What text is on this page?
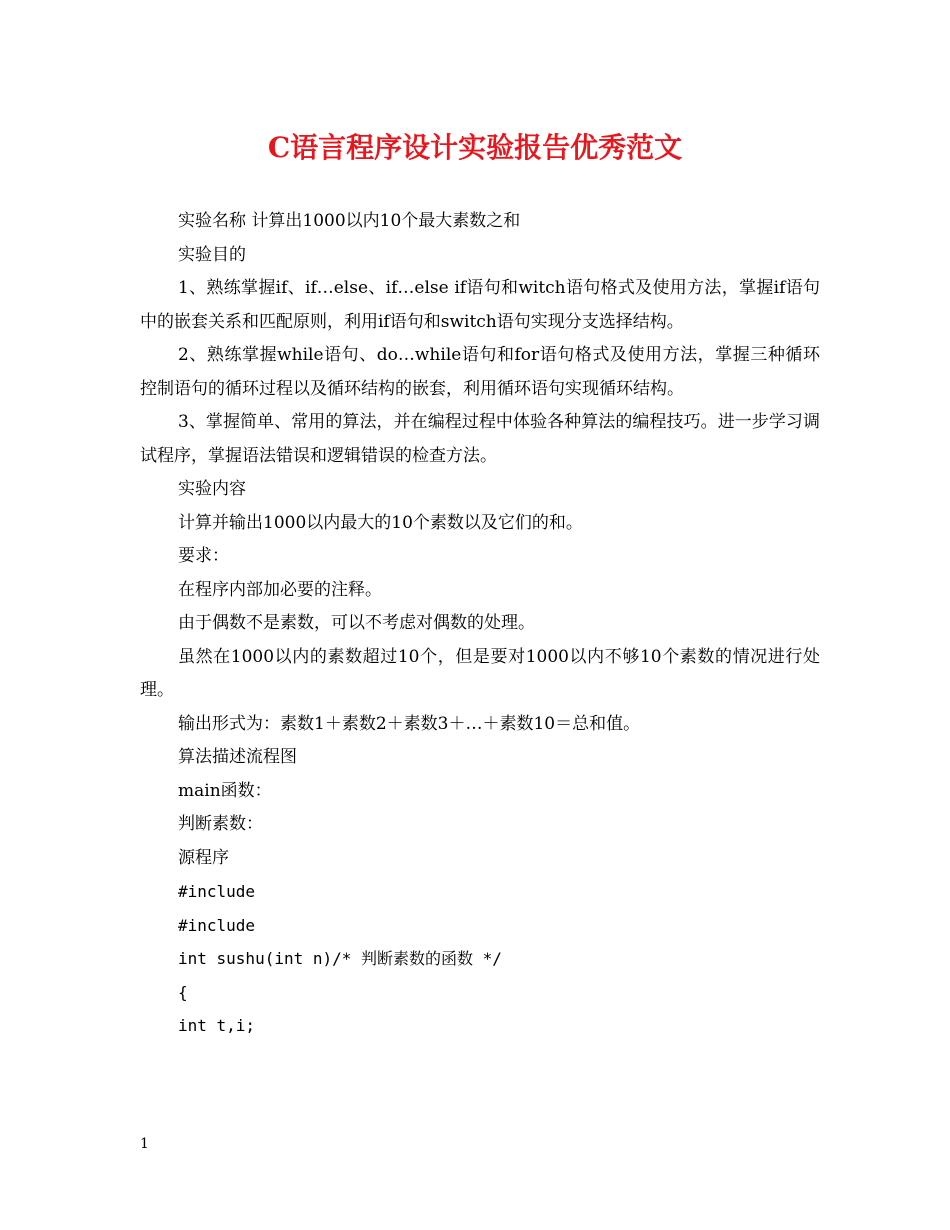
C语言程序设计实验报告优秀范文

实验名称 计算出1000以内10个最大素数之和

实验目的

1、熟练掌握if、if…else、if…else if语句和witch语句格式及使用方法，掌握if语句中的嵌套关系和匹配原则，利用if语句和switch语句实现分支选择结构。

2、熟练掌握while语句、do…while语句和for语句格式及使用方法，掌握三种循环控制语句的循环过程以及循环结构的嵌套，利用循环语句实现循环结构。

3、掌握简单、常用的算法，并在编程过程中体验各种算法的编程技巧。进一步学习调试程序，掌握语法错误和逻辑错误的检查方法。

实验内容

计算并输出1000以内最大的10个素数以及它们的和。

要求：

在程序内部加必要的注释。

由于偶数不是素数，可以不考虑对偶数的处理。

虽然在1000以内的素数超过10个，但是要对1000以内不够10个素数的情况进行处理。

输出形式为：素数1＋素数2＋素数3＋…＋素数10＝总和值。

算法描述流程图

main函数：

判断素数：

源程序

#include

#include

int sushu(int n)/* 判断素数的函数 */

{

int t,i;

1
